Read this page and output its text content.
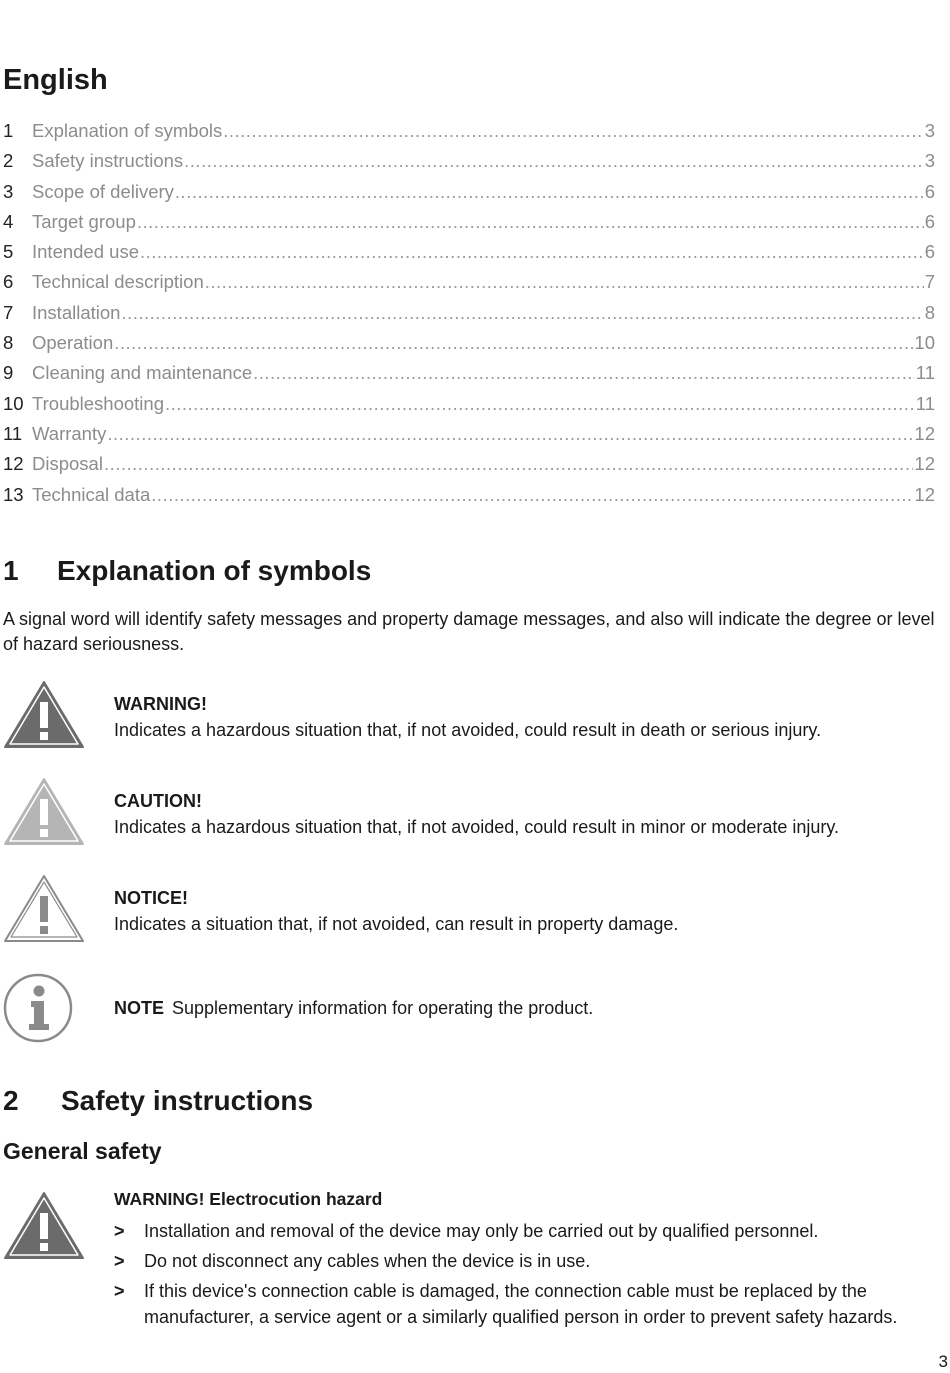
English
1	Explanation of symbols .....	3
2	Safety instructions .....	3
3	Scope of delivery .....	6
4	Target group .....	6
5	Intended use .....	6
6	Technical description .....	7
7	Installation .....	8
8	Operation .....	10
9	Cleaning and maintenance .....	11
10 Troubleshooting .....	11
11 Warranty .....	12
12 Disposal .....	12
13 Technical data .....	12
1	Explanation of symbols

A signal word will identify safety messages and property damage messages, and also will indicate the degree or level of hazard seriousness.

WARNING!
Indicates a hazardous situation that, if not avoided, could result in death or serious injury.
CAUTION!
Indicates a hazardous situation that, if not avoided, could result in minor or moderate injury.
NOTICE!
Indicates a situation that, if not avoided, can result in property damage.
NOTE Supplementary information for operating the product.
2	Safety instructions
General safety
WARNING! Electrocution hazard
> Installation and removal of the device may only be carried out by qualified personnel.
> Do not disconnect any cables when the device is in use.
> If this device's connection cable is damaged, the connection cable must be replaced by the manufacturer, a service agent or a similarly qualified person in order to prevent safety hazards.
3
